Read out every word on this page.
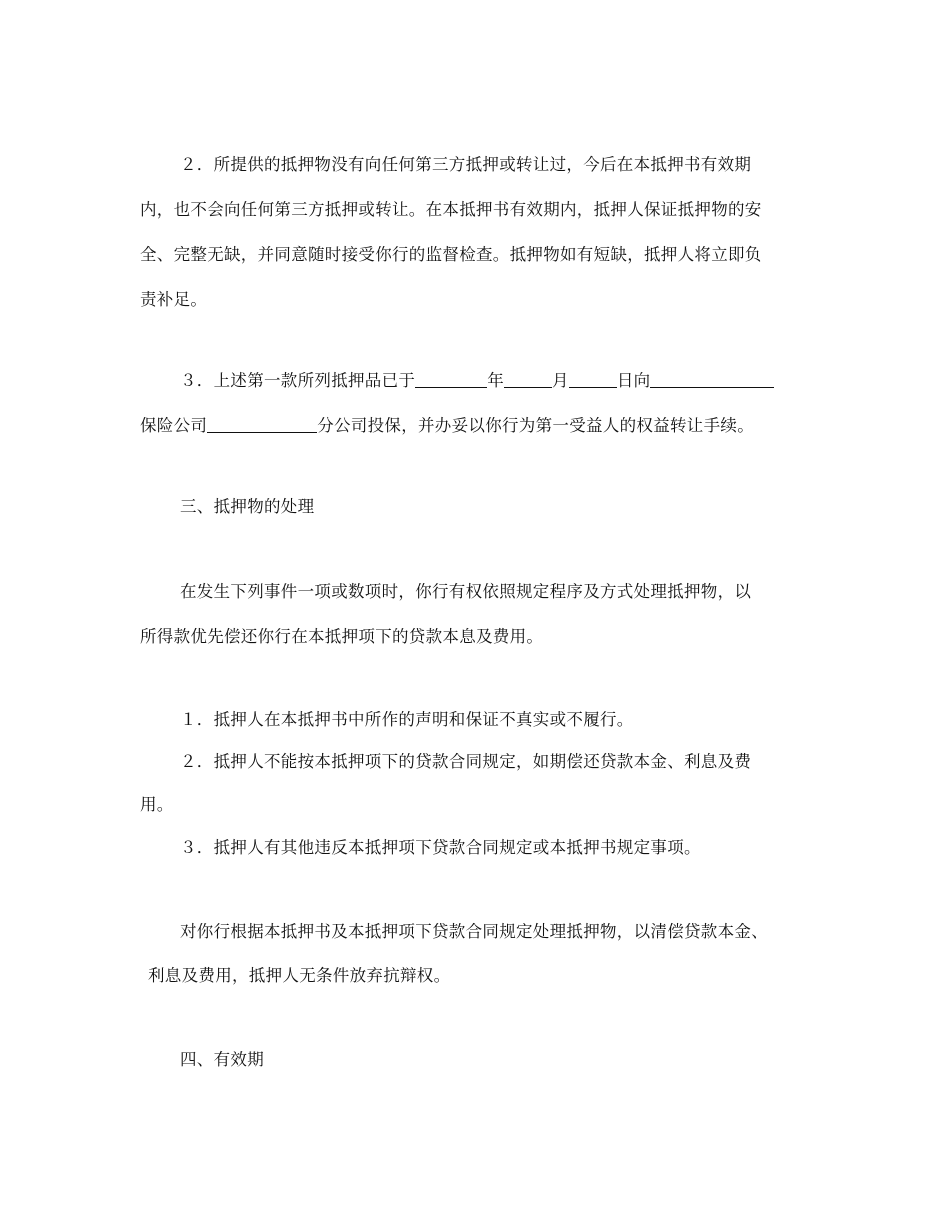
２．所提供的抵押物没有向任何第三方抵押或转让过，今后在本抵押书有效期
内，也不会向任何第三方抵押或转让。在本抵押书有效期内，抵押人保证抵押物的安
全、完整无缺，并同意随时接受你行的监督检查。抵押物如有短缺，抵押人将立即负
责补足。
３．上述第一款所列抵押品已于	年	月	日向
保险公司	分公司投保，并办妥以你行为第一受益人的权益转让手续。
三、抵押物的处理
在发生下列事件一项或数项时，你行有权依照规定程序及方式处理抵押物，以
所得款优先偿还你行在本抵押项下的贷款本息及费用。
１．抵押人在本抵押书中所作的声明和保证不真实或不履行。
２．抵押人不能按本抵押项下的贷款合同规定，如期偿还贷款本金、利息及费
用。
３．抵押人有其他违反本抵押项下贷款合同规定或本抵押书规定事项。
对你行根据本抵押书及本抵押项下贷款合同规定处理抵押物，以清偿贷款本金、
利息及费用，抵押人无条件放弃抗辩权。
四、有效期
